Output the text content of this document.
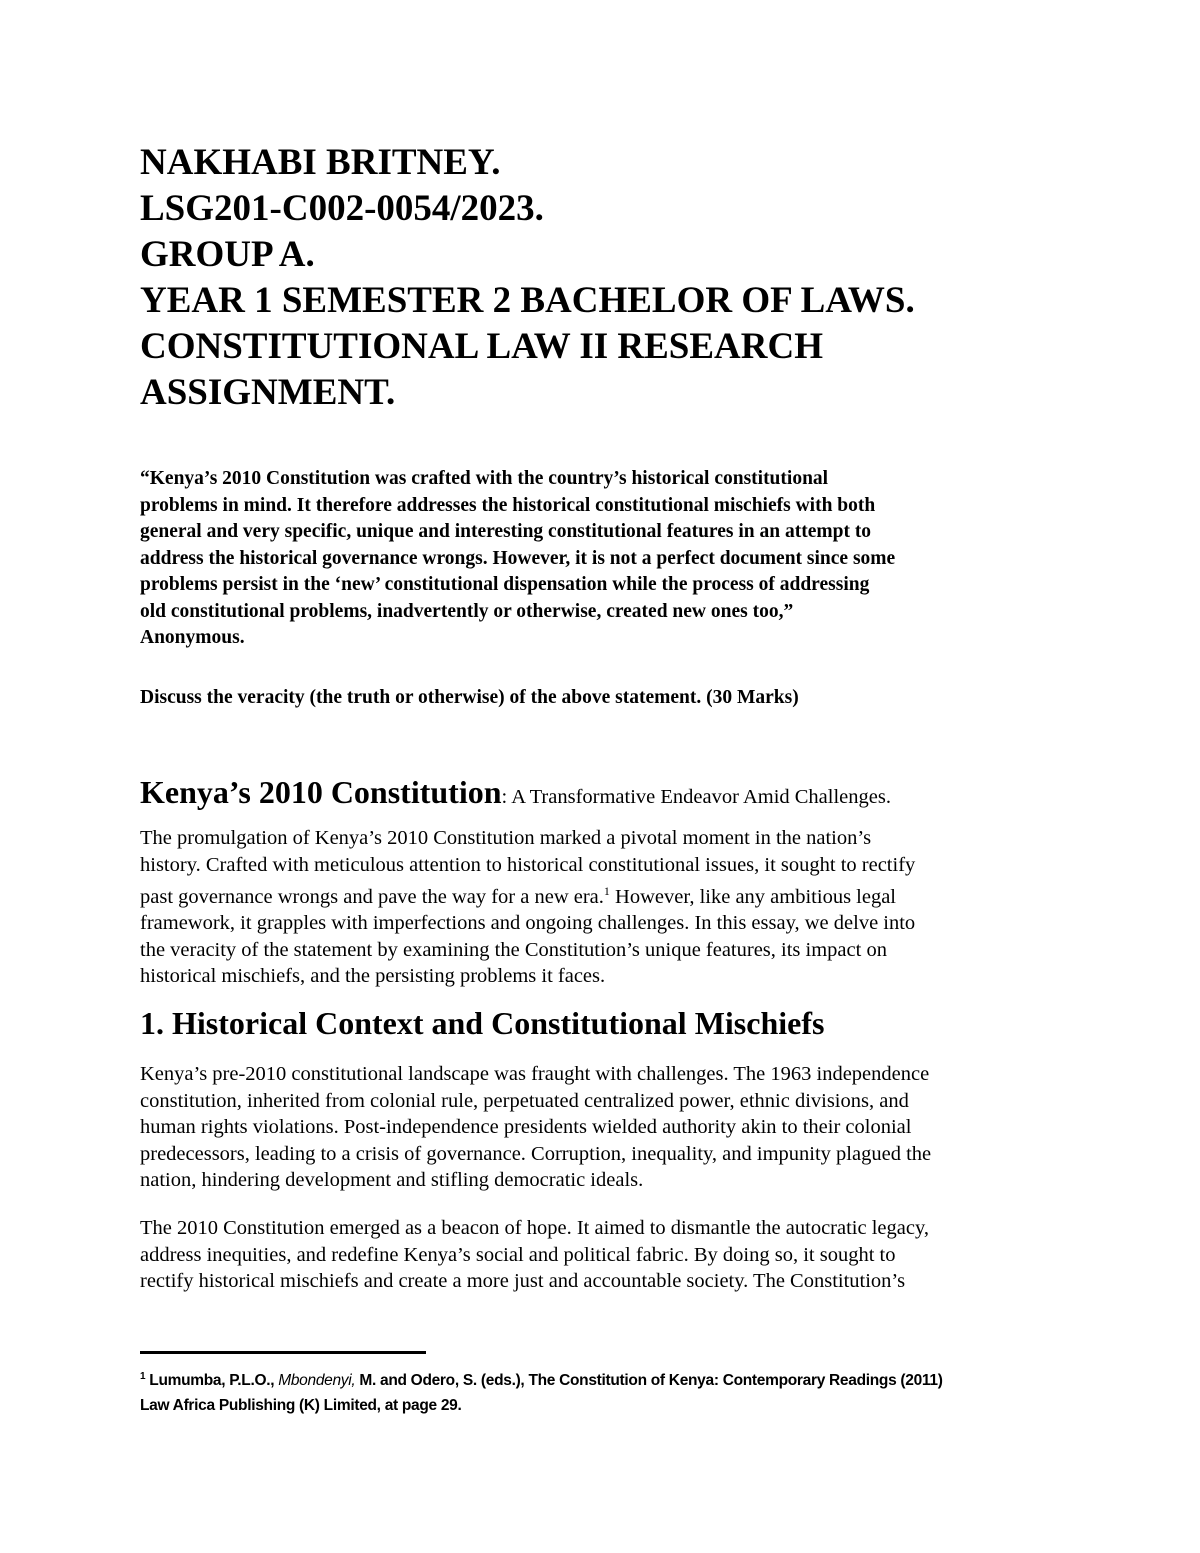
NAKHABI BRITNEY.
LSG201-C002-0054/2023.
GROUP A.
YEAR 1 SEMESTER 2 BACHELOR OF LAWS.
CONSTITUTIONAL LAW II RESEARCH
ASSIGNMENT.
“Kenya’s 2010 Constitution was crafted with the country’s historical constitutional
problems in mind. It therefore addresses the historical constitutional mischiefs with both
general and very specific, unique and interesting constitutional features in an attempt to
address the historical governance wrongs. However, it is not a perfect document since some
problems persist in the ‘new’ constitutional dispensation while the process of addressing
old constitutional problems, inadvertently or otherwise, created new ones too,”
Anonymous.
Discuss the veracity (the truth or otherwise) of the above statement. (30 Marks)
Kenya’s 2010 Constitution: A Transformative Endeavor Amid Challenges.
The promulgation of Kenya’s 2010 Constitution marked a pivotal moment in the nation’s
history. Crafted with meticulous attention to historical constitutional issues, it sought to rectify
past governance wrongs and pave the way for a new era.$^1$ However, like any ambitious legal
framework, it grapples with imperfections and ongoing challenges. In this essay, we delve into
the veracity of the statement by examining the Constitution’s unique features, its impact on
historical mischiefs, and the persisting problems it faces.
1. Historical Context and Constitutional Mischiefs
Kenya’s pre-2010 constitutional landscape was fraught with challenges. The 1963 independence
constitution, inherited from colonial rule, perpetuated centralized power, ethnic divisions, and
human rights violations. Post-independence presidents wielded authority akin to their colonial
predecessors, leading to a crisis of governance. Corruption, inequality, and impunity plagued the
nation, hindering development and stifling democratic ideals.
The 2010 Constitution emerged as a beacon of hope. It aimed to dismantle the autocratic legacy,
address inequities, and redefine Kenya’s social and political fabric. By doing so, it sought to
rectify historical mischiefs and create a more just and accountable society. The Constitution’s
$^1$ Lumumba, P.L.O., Mbondenyi, M. and Odero, S. (eds.), The Constitution of Kenya: Contemporary Readings (2011)
Law Africa Publishing (K) Limited, at page 29.
